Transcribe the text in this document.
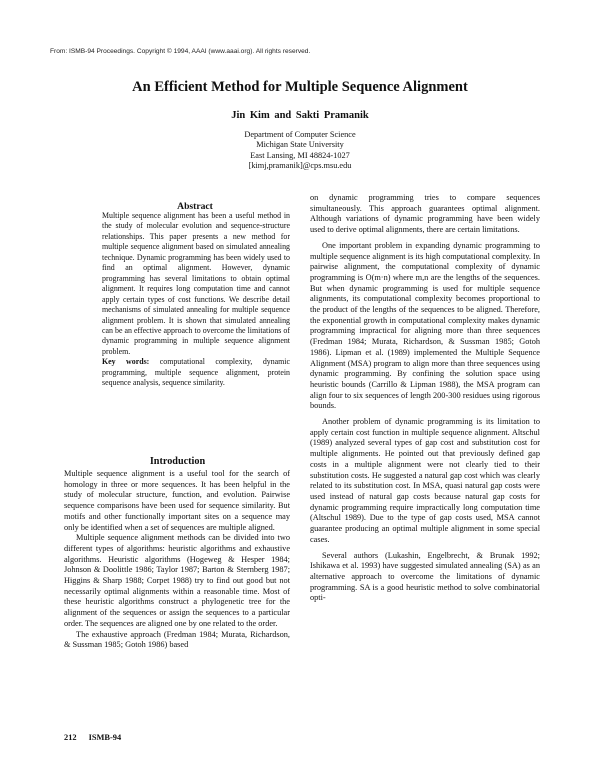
From: ISMB-94 Proceedings. Copyright © 1994, AAAI (www.aaai.org). All rights reserved.
An Efficient Method for Multiple Sequence Alignment
Jin Kim and Sakti Pramanik
Department of Computer Science
Michigan State University
East Lansing, MI 48824-1027
[kimj,pramanik]@cps.msu.edu
Abstract

Multiple sequence alignment has been a useful method in the study of molecular evolution and sequence-structure relationships. This paper presents a new method for multiple sequence alignment based on simulated annealing technique. Dynamic programming has been widely used to find an optimal alignment. However, dynamic programming has several limitations to obtain optimal alignment. It requires long computation time and cannot apply certain types of cost functions. We describe detail mechanisms of simulated annealing for multiple sequence alignment problem. It is shown that simulated annealing can be an effective approach to overcome the limitations of dynamic programming in multiple sequence alignment problem.

Key words: computational complexity, dynamic programming, multiple sequence alignment, protein sequence analysis, sequence similarity.

Introduction

Multiple sequence alignment is a useful tool for the search of homology in three or more sequences. It has been helpful in the study of molecular structure, function, and evolution. Pairwise sequence comparisons have been used for sequence similarity. But motifs and other functionally important sites on a sequence may only be identified when a set of sequences are multiple aligned.

Multiple sequence alignment methods can be divided into two different types of algorithms: heuristic algorithms and exhaustive algorithms. Heuristic algorithms (Hogeweg & Hesper 1984; Johnson & Doolittle 1986; Taylor 1987; Barton & Sternberg 1987; Higgins & Sharp 1988; Corpet 1988) try to find out good but not necessarily optimal alignments within a reasonable time. Most of these heuristic algorithms construct a phylogenetic tree for the alignment of the sequences or assign the sequences to a particular order. The sequences are aligned one by one related to the order.

The exhaustive approach (Fredman 1984; Murata, Richardson, & Sussman 1985; Gotoh 1986) based

on dynamic programming tries to compare sequences simultaneously. This approach guarantees optimal alignment. Although variations of dynamic programming have been widely used to derive optimal alignments, there are certain limitations.

One important problem in expanding dynamic programming to multiple sequence alignment is its high computational complexity. In pairwise alignment, the computational complexity of dynamic programming is O(m·n) where m,n are the lengths of the sequences. But when dynamic programming is used for multiple sequence alignments, its computational complexity becomes proportional to the product of the lengths of the sequences to be aligned. Therefore, the exponential growth in computational complexity makes dynamic programming impractical for aligning more than three sequences (Fredman 1984; Murata, Richardson, & Sussman 1985; Gotoh 1986). Lipman et al. (1989) implemented the Multiple Sequence Alignment (MSA) program to align more than three sequences using dynamic programming. By confining the solution space using heuristic bounds (Carrillo & Lipman 1988), the MSA program can align four to six sequences of length 200-300 residues using rigorous bounds.

Another problem of dynamic programming is its limitation to apply certain cost function in multiple sequence alignment. Altschul (1989) analyzed several types of gap cost and substitution cost for multiple alignments. He pointed out that previously defined gap costs in a multiple alignment were not clearly tied to their substitution costs. He suggested a natural gap cost which was clearly related to its substitution cost. In MSA, quasi natural gap costs were used instead of natural gap costs because natural gap costs for dynamic programming require impractically long computation time (Altschul 1989). Due to the type of gap costs used, MSA cannot guarantee producing an optimal multiple alignment in some special cases.

Several authors (Lukashin, Engelbrecht, & Brunak 1992; Ishikawa et al. 1993) have suggested simulated annealing (SA) as an alternative approach to overcome the limitations of dynamic programming. SA is a good heuristic method to solve combinatorial opti-

212 ISMB-94
